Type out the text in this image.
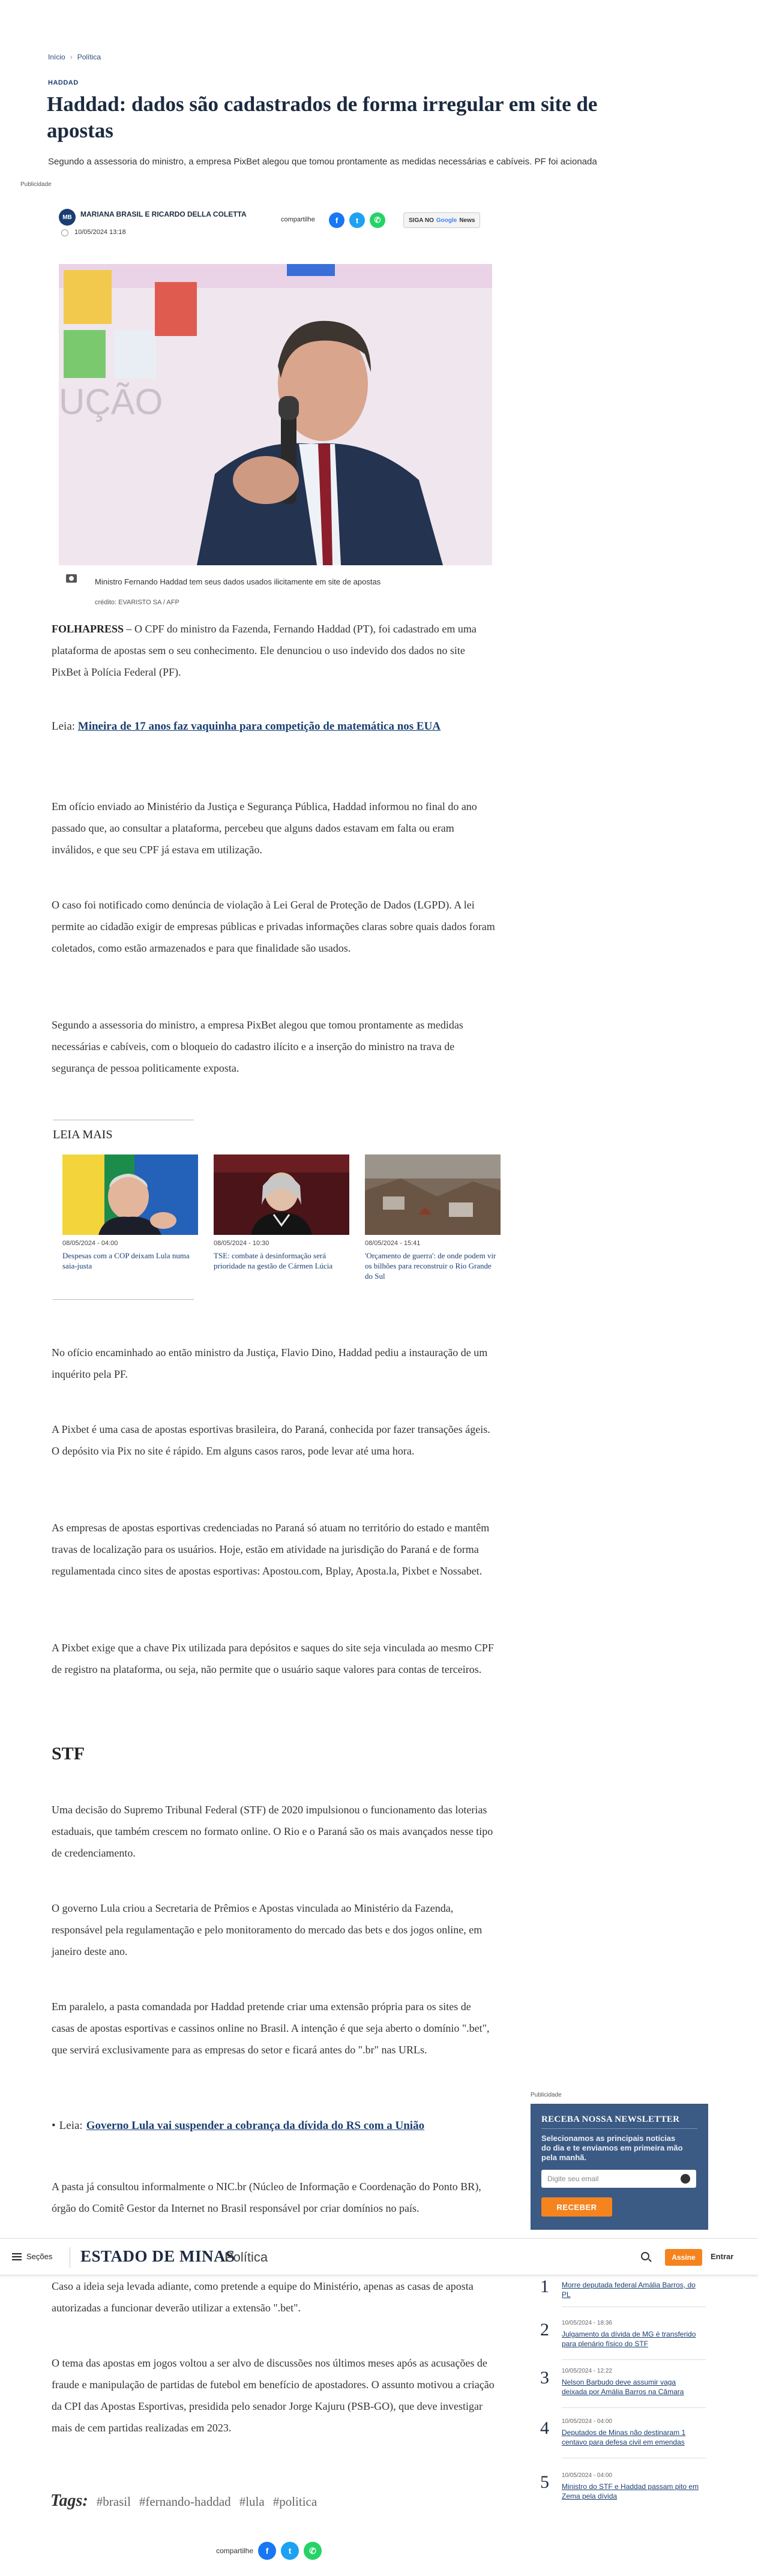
Início › Política
HADDAD
Haddad: dados são cadastrados de forma irregular em site de apostas

Segundo a assessoria do ministro, a empresa PixBet alegou que tomou prontamente as medidas necessárias e cabíveis. PF foi acionada

Publicidade
MB	MARIANA BRASIL E RICARDO DELLA COLETTA
10/05/2024 13:18
compartilhe	f	t	✆	SIGA NO Google News
UÇÃO
Ministro Fernando Haddad tem seus dados usados ilicitamente em site de apostas
crédito: EVARISTO SA / AFP

FOLHAPRESS – O CPF do ministro da Fazenda, Fernando Haddad (PT), foi cadastrado em uma plataforma de apostas sem o seu conhecimento. Ele denunciou o uso indevido dos dados no site PixBet à Polícia Federal (PF).

Leia: Mineira de 17 anos faz vaquinha para competição de matemática nos EUA

Em ofício enviado ao Ministério da Justiça e Segurança Pública, Haddad informou no final do ano passado que, ao consultar a plataforma, percebeu que alguns dados estavam em falta ou eram inválidos, e que seu CPF já estava em utilização.

O caso foi notificado como denúncia de violação à Lei Geral de Proteção de Dados (LGPD). A lei permite ao cidadão exigir de empresas públicas e privadas informações claras sobre quais dados foram coletados, como estão armazenados e para que finalidade são usados.

Segundo a assessoria do ministro, a empresa PixBet alegou que tomou prontamente as medidas necessárias e cabíveis, com o bloqueio do cadastro ilícito e a inserção do ministro na trava de segurança de pessoa politicamente exposta.

LEIA MAIS
08/05/2024 - 04:00
Despesas com a COP deixam Lula numa saia-justa
08/05/2024 - 10:30
TSE: combate à desinformação será prioridade na gestão de Cármen Lúcia
08/05/2024 - 15:41
'Orçamento de guerra': de onde podem vir os bilhões para reconstruir o Rio Grande do Sul

No ofício encaminhado ao então ministro da Justiça, Flavio Dino, Haddad pediu a instauração de um inquérito pela PF.

A Pixbet é uma casa de apostas esportivas brasileira, do Paraná, conhecida por fazer transações ágeis. O depósito via Pix no site é rápido. Em alguns casos raros, pode levar até uma hora.

As empresas de apostas esportivas credenciadas no Paraná só atuam no território do estado e mantêm travas de localização para os usuários. Hoje, estão em atividade na jurisdição do Paraná e de forma regulamentada cinco sites de apostas esportivas: Apostou.com, Bplay, Aposta.la, Pixbet e Nossabet.

A Pixbet exige que a chave Pix utilizada para depósitos e saques do site seja vinculada ao mesmo CPF de registro na plataforma, ou seja, não permite que o usuário saque valores para contas de terceiros.

STF

Uma decisão do Supremo Tribunal Federal (STF) de 2020 impulsionou o funcionamento das loterias estaduais, que também crescem no formato online. O Rio e o Paraná são os mais avançados nesse tipo de credenciamento.

O governo Lula criou a Secretaria de Prêmios e Apostas vinculada ao Ministério da Fazenda, responsável pela regulamentação e pelo monitoramento do mercado das bets e dos jogos online, em janeiro deste ano.

Em paralelo, a pasta comandada por Haddad pretende criar uma extensão própria para os sites de casas de apostas esportivas e cassinos online no Brasil. A intenção é que seja aberto o domínio ".bet", que servirá exclusivamente para as empresas do setor e ficará antes do ".br" nas URLs.

• Leia: Governo Lula vai suspender a cobrança da dívida do RS com a União

A pasta já consultou informalmente o NIC.br (Núcleo de Informação e Coordenação do Ponto BR), órgão do Comitê Gestor da Internet no Brasil responsável por criar domínios no país.

Caso a ideia seja levada adiante, como pretende a equipe do Ministério, apenas as casas de aposta autorizadas a funcionar deverão utilizar a extensão ".bet".

O tema das apostas em jogos voltou a ser alvo de discussões nos últimos meses após as acusações de fraude e manipulação de partidas de futebol em benefício de apostadores. O assunto motivou a criação da CPI das Apostas Esportivas, presidida pelo senador Jorge Kajuru (PSB-GO), que deve investigar mais de cem partidas realizadas em 2023.

Tags: #brasil #fernando-haddad #lula #politica
compartilhe	f	t	✆
Publicidade
RECEBA NOSSA NEWSLETTER
Selecionamos as principais notícias do dia e te enviamos em primeira mão pela manhã.
Digite seu email
RECEBER
1 Morre deputada federal Amália Barros, do PL
2 10/05/2024 - 18:36
Julgamento da dívida de MG é transferido para plenário físico do STF
3 10/05/2024 - 12:22
Nelson Barbudo deve assumir vaga deixada por Amália Barros na Câmara
4 10/05/2024 - 04:00
Deputados de Minas não destinaram 1 centavo para defesa civil em emendas
5 10/05/2024 - 04:00
Ministro do STF e Haddad passam pito em Zema pela dívida
Seções ESTADO DE MINAS
Política	Assine	Entrar
